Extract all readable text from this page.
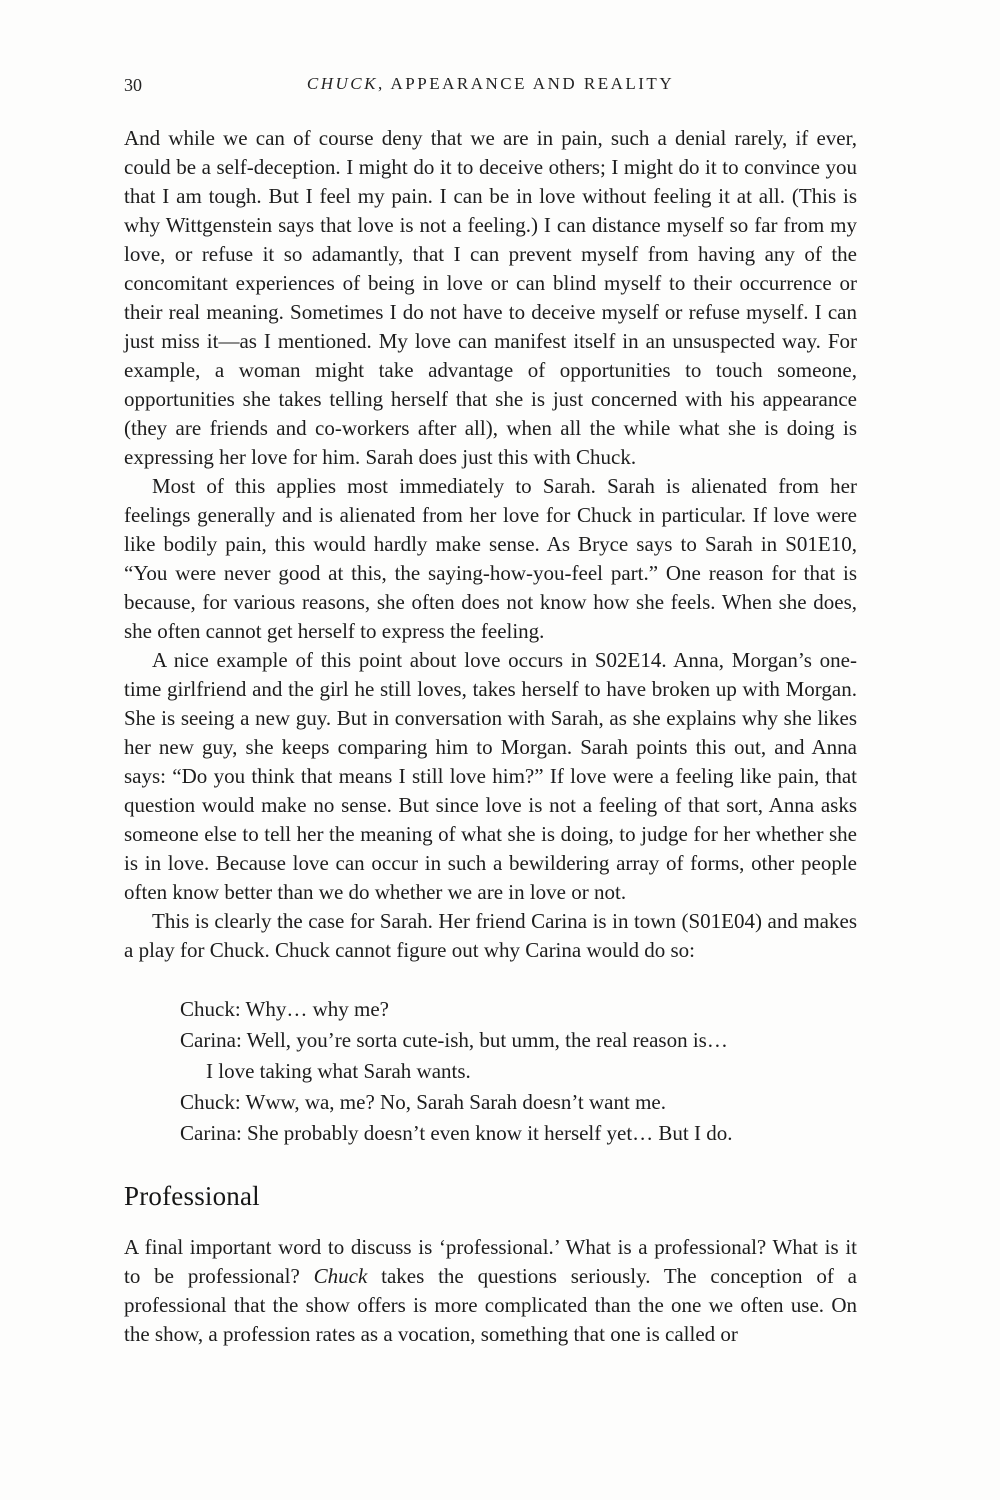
30	CHUCK, APPEARANCE AND REALITY

And while we can of course deny that we are in pain, such a denial rarely, if ever, could be a self-deception. I might do it to deceive others; I might do it to convince you that I am tough. But I feel my pain. I can be in love without feeling it at all. (This is why Wittgenstein says that love is not a feeling.) I can distance myself so far from my love, or refuse it so adamantly, that I can prevent myself from having any of the concomitant experiences of being in love or can blind myself to their occurrence or their real meaning. Sometimes I do not have to deceive myself or refuse myself. I can just miss it—as I mentioned. My love can manifest itself in an unsuspected way. For example, a woman might take advantage of opportunities to touch someone, opportunities she takes telling herself that she is just concerned with his appearance (they are friends and co-workers after all), when all the while what she is doing is expressing her love for him. Sarah does just this with Chuck.

Most of this applies most immediately to Sarah. Sarah is alienated from her feelings generally and is alienated from her love for Chuck in particular. If love were like bodily pain, this would hardly make sense. As Bryce says to Sarah in S01E10, “You were never good at this, the saying-how-you-feel part.” One reason for that is because, for various reasons, she often does not know how she feels. When she does, she often cannot get herself to express the feeling.

A nice example of this point about love occurs in S02E14. Anna, Morgan’s one-time girlfriend and the girl he still loves, takes herself to have broken up with Morgan. She is seeing a new guy. But in conversation with Sarah, as she explains why she likes her new guy, she keeps comparing him to Morgan. Sarah points this out, and Anna says: “Do you think that means I still love him?” If love were a feeling like pain, that question would make no sense. But since love is not a feeling of that sort, Anna asks someone else to tell her the meaning of what she is doing, to judge for her whether she is in love. Because love can occur in such a bewildering array of forms, other people often know better than we do whether we are in love or not.

This is clearly the case for Sarah. Her friend Carina is in town (S01E04) and makes a play for Chuck. Chuck cannot figure out why Carina would do so:

Chuck: Why… why me?

Carina: Well, you’re sorta cute-ish, but umm, the real reason is…

I love taking what Sarah wants.

Chuck: Www, wa, me? No, Sarah Sarah doesn’t want me.

Carina: She probably doesn’t even know it herself yet… But I do.

Professional

A final important word to discuss is ‘professional.’ What is a professional? What is it to be professional? Chuck takes the questions seriously. The conception of a professional that the show offers is more complicated than the one we often use. On the show, a profession rates as a vocation, something that one is called or
